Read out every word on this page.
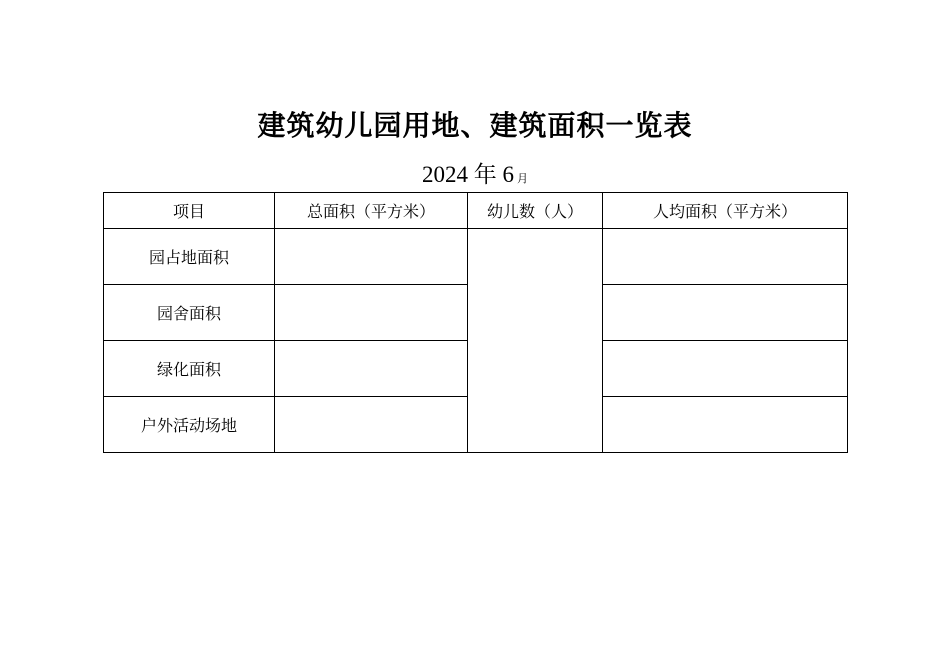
建筑幼儿园用地、建筑面积一览表
2024 年 6 月
项目	总面积（平方米）	幼儿数（人）	人均面积（平方米）
园占地面积			
园舍面积			
绿化面积			
户外活动场地			
